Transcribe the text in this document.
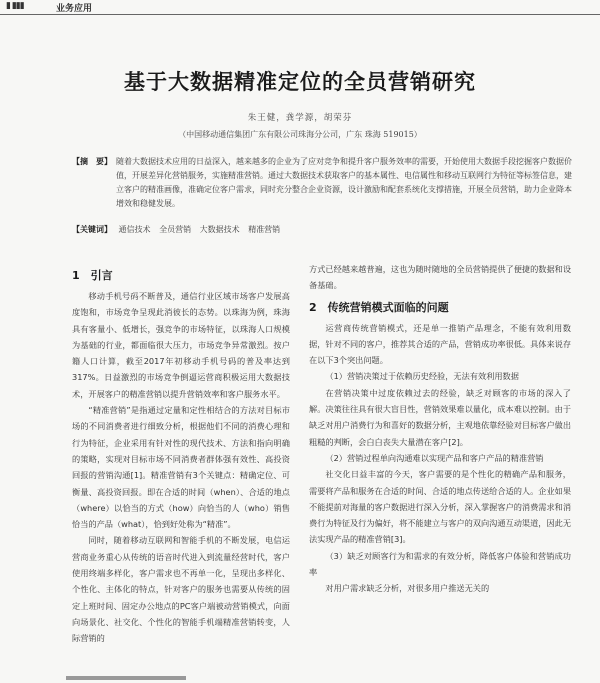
▮ ▮▮▮	业务应用
基于大数据精准定位的全员营销研究
朱王健，龚学源，胡荣芬
（中国移动通信集团广东有限公司珠海分公司，广东 珠海 519015）
【摘　要】 随着大数据技术应用的日益深入，越来越多的企业为了应对竞争和提升客户服务效率的需要，开始使用大数据手段挖掘客户数据价值，开展差异化营销服务，实施精准营销。通过大数据技术获取客户的基本属性、电信属性和移动互联网行为特征等标签信息，建立客户的精准画像，准确定位客户需求，同时充分整合企业资源，设计激励和配套系统化支撑措施，开展全员营销，助力企业降本增效和稳健发展。
【关键词】 通信技术 全员营销 大数据技术 精准营销
1　引言

移动手机号码不断普及，通信行业区域市场客户发展高度饱和，市场竞争呈现此消彼长的态势。以珠海为例，珠海具有客量小、低增长，强竞争的市场特征，以珠海人口规模为基础的行业，都面临很大压力，市场竞争异常激烈。按户籍人口计算，截至2017年初移动手机号码的普及率达到317%。日益激烈的市场竞争倒逼运营商积极运用大数据技术，开展客户的精准营销以提升营销效率和客户服务水平。

“精准营销”是指通过定量和定性相结合的方法对目标市场的不同消费者进行细致分析，根据他们不同的消费心理和行为特征，企业采用有针对性的现代技术、方法和指向明确的策略，实现对目标市场不同消费者群体强有效性、高投资回报的营销沟通[1]。精准营销有3个关键点：精确定位、可衡量、高投资回报。即在合适的时间（when）、合适的地点（where）以恰当的方式（how）向恰当的人（who）销售恰当的产品（what），恰到好处称为“精准”。

同时，随着移动互联网和智能手机的不断发展，电信运营商业务重心从传统的语音时代进入到流量经营时代，客户使用终端多样化，客户需求也不再单一化，呈现出多样化、个性化、主体化的特点，针对客户的服务也需要从传统的固定上班时间、固定办公地点的PC客户端被动营销模式，向面向场景化、社交化、个性化的智能手机端精准营销转变，人际营销的

方式已经越来越普遍，这也为随时随地的全员营销提供了便捷的数据和设备基础。

2　传统营销模式面临的问题

运营商传统营销模式，还是单一推销产品理念，不能有效利用数据，针对不同的客户，推荐其合适的产品，营销成功率很低。具体来说存在以下3个突出问题。

（1）营销决策过于依赖历史经验，无法有效利用数据

在营销决策中过度依赖过去的经验，缺乏对顾客的市场的深入了解。决策往往具有很大盲目性，营销效果难以量化，成本难以控制。由于缺乏对用户消费行为和喜好的数据分析，主观地依靠经验对目标客户做出粗糙的判断，会白白丧失大量潜在客户[2]。

（2）营销过程单向沟通难以实现产品和客户产品的精准营销

社交化日益丰富的今天，客户需要的是个性化的精确产品和服务，需要将产品和服务在合适的时间、合适的地点传送给合适的人。企业如果不能提前对海量的客户数据进行深入分析，深入掌握客户的消费需求和消费行为特征及行为偏好，将不能建立与客户的双向沟通互动渠道，因此无法实现产品的精准营销[3]。

（3）缺乏对顾客行为和需求的有效分析，降低客户体验和营销成功率

对用户需求缺乏分析，对很多用户推送无关的
